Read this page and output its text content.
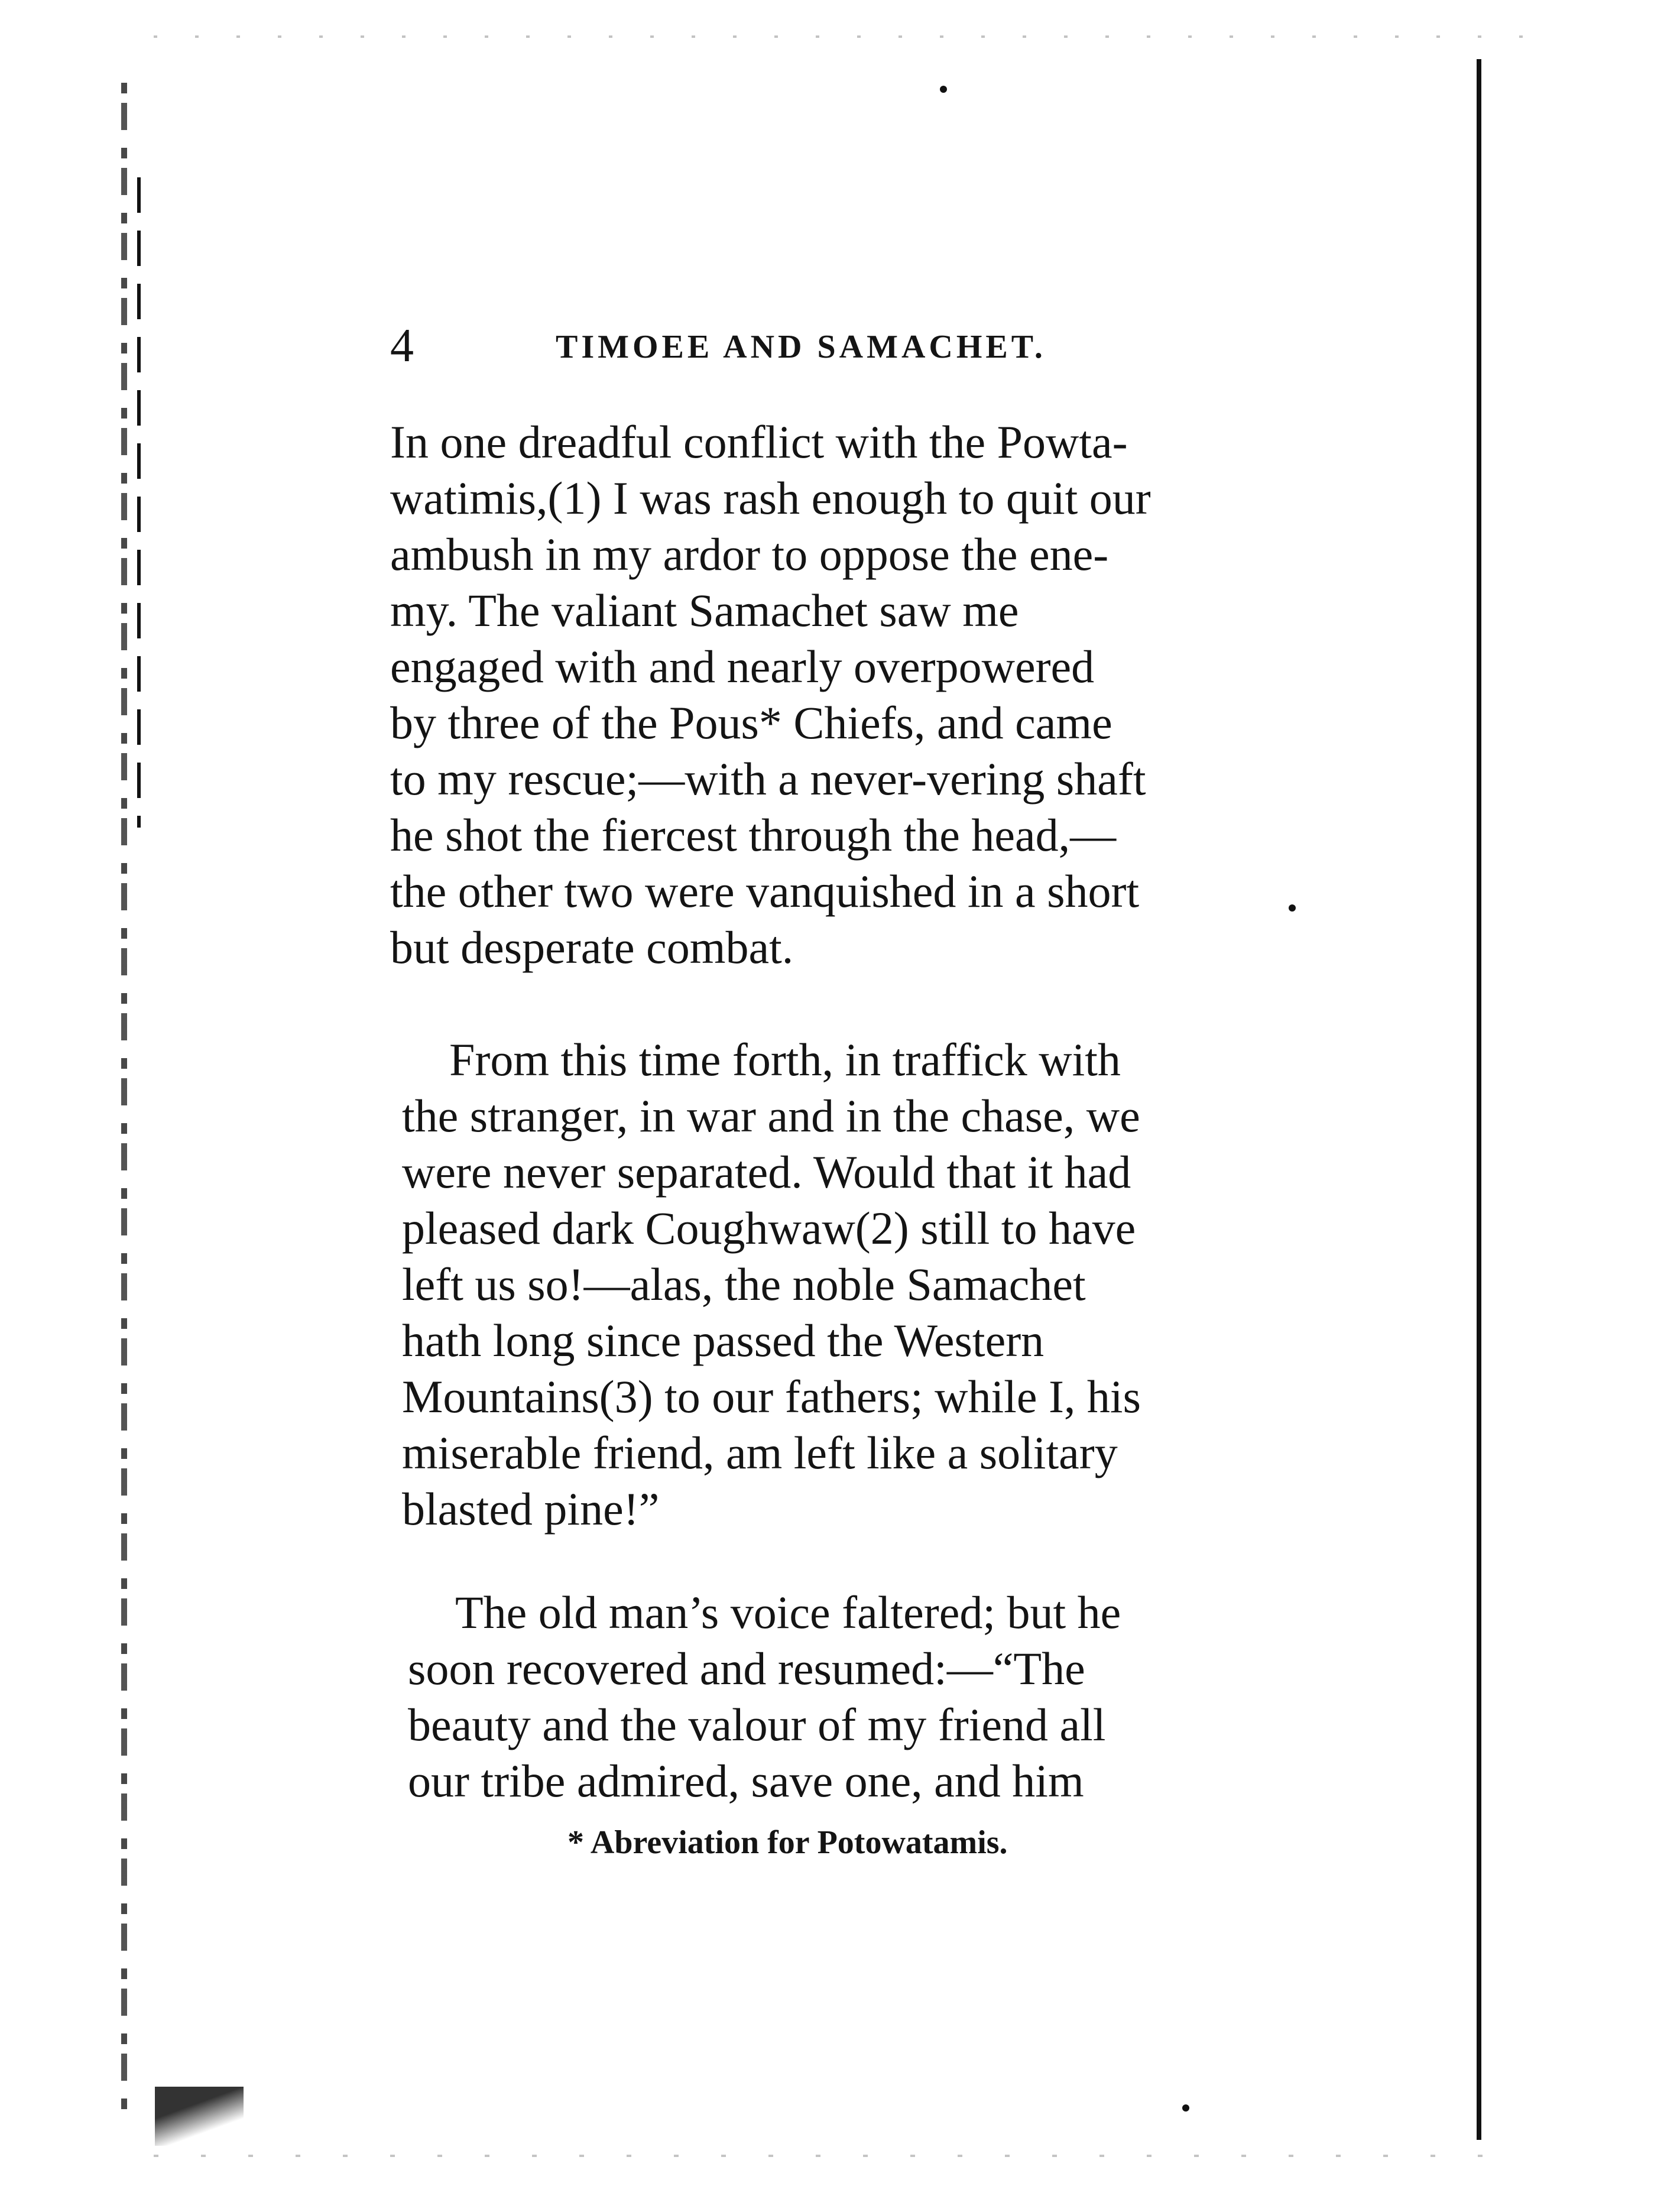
4	TIMOEE AND SAMACHET.
In one dreadful conflict with the Powta-
watimis,(1) I was rash enough to quit our
ambush in my ardor to oppose the ene-
my. The valiant Samachet saw me
engaged with and nearly overpowered
by three of the Pous* Chiefs, and came
to my rescue;—with a never-vering shaft
he shot the fiercest through the head,—
the other two were vanquished in a short
but desperate combat.
From this time forth, in traffick with
the stranger, in war and in the chase, we
were never separated. Would that it had
pleased dark Coughwaw(2) still to have
left us so!—alas, the noble Samachet
hath long since passed the Western
Mountains(3) to our fathers; while I, his
miserable friend, am left like a solitary
blasted pine!”
The old man’s voice faltered; but he
soon recovered and resumed:—“The
beauty and the valour of my friend all
our tribe admired, save one, and him
* Abreviation for Potowatamis.
